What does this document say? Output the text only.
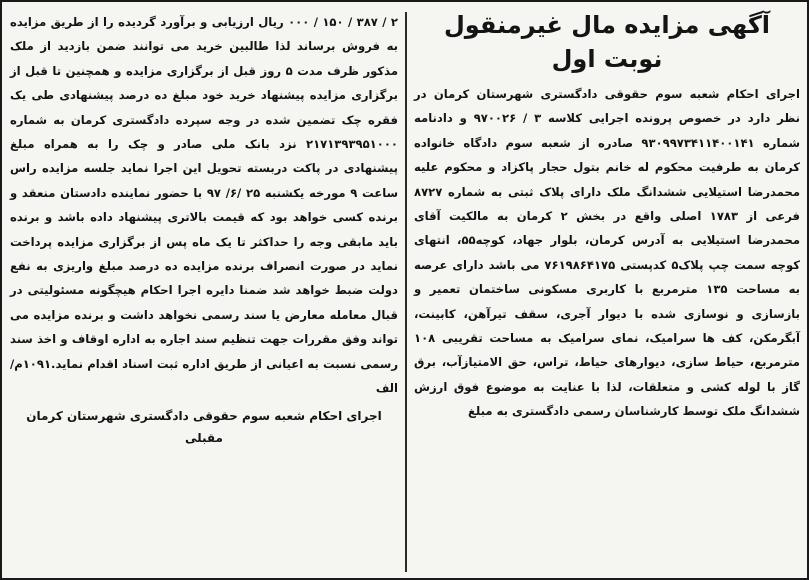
آگهی مزایده مال غیرمنقول

نوبت اول

اجرای احکام شعبه سوم حقوقی دادگستری شهرستان کرمان در نظر دارد در خصوص پرونده اجرایی کلاسه ۳ / ۹۷۰۰۲۶ و دادنامه شماره ۹۳۰۹۹۷۳۴۱۱۴۰۰۱۴۱ صادره از شعبه سوم دادگاه خانواده کرمان به طرفیت محکوم له خانم بتول حجار پاکزاد و محکوم علیه محمدرضا استیلایی ششدانگ ملک دارای پلاک ثبتی به شماره ۸۷۲۷ فرعی از ۱۷۸۳ اصلی واقع در بخش ۲ کرمان به مالکیت آقای محمدرضا استیلایی به آدرس کرمان، بلوار جهاد، کوچه۵۵، انتهای کوچه سمت چپ پلاک۵ کدپستی ۷۶۱۹۸۶۴۱۷۵ می باشد دارای عرصه به مساحت ۱۳۵ مترمربع با کاربری مسکونی ساختمان تعمیر و بازسازی و نوسازی شده با دیوار آجری، سقف تیرآهن، کابینت، آبگرمکن، کف ها سرامیک، نمای سرامیک به مساحت تقریبی ۱۰۸ مترمربع، حیاط سازی، دیوارهای حیاط، تراس، حق الامتیازآب، برق گاز با لوله کشی و متعلقات، لذا با عنایت به موضوع فوق ارزش ششدانگ ملک توسط کارشناسان رسمی دادگستری به مبلغ

۲ / ۳۸۷ / ۱۵۰ / ۰۰۰ ریال ارزیابی و برآورد گردیده را از طریق مزایده به فروش برساند لذا طالبین خرید می توانند ضمن بازدید از ملک مذکور ظرف مدت ۵ روز قبل از برگزاری مزایده و همچنین تا قبل از برگزاری مزایده پیشنهاد خرید خود مبلغ ده درصد پیشنهادی طی یک فقره چک تضمین شده در وجه سپرده دادگستری کرمان به شماره ۲۱۷۱۳۹۳۹۵۱۰۰۰ نزد بانک ملی صادر و چک را به همراه مبلغ پیشنهادی در پاکت دربسته تحویل این اجرا نماید جلسه مزایده راس ساعت ۹ مورخه یکشنبه ۲۵ /۶/ ۹۷ با حضور نماینده دادستان منعقد و برنده کسی خواهد بود که قیمت بالاتری پیشنهاد داده باشد و برنده باید مابقی وجه را حداکثر تا یک ماه پس از برگزاری مزایده پرداخت نماید در صورت انصراف برنده مزایده ده درصد مبلغ واریزی به نفع دولت ضبط خواهد شد ضمنا دایره اجرا احکام هیچگونه مسئولیتی در قبال معامله معارض یا سند رسمی نخواهد داشت و برنده مزایده می تواند وفق مقررات جهت تنظیم سند اجاره به اداره اوقاف و اخذ سند رسمی نسبت به اعیانی از طریق اداره ثبت اسناد اقدام نماید.۱۰۹۱م/الف

اجرای احکام شعبه سوم حقوقی دادگستری شهرستان کرمان

مقبلی
